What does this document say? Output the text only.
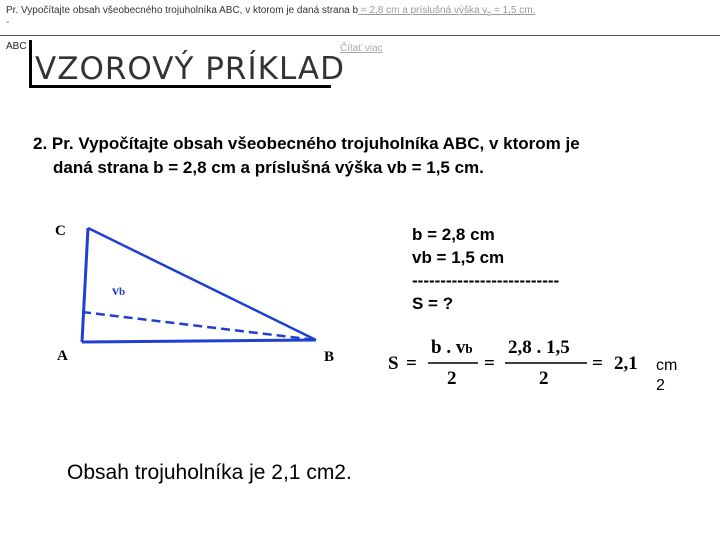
Pr. Vypočítajte obsah všeobecného trojuholníka ABC, v ktorom je daná strana b = 2,8 cm a príslušná výška $v_b = 1,5$ cm.
-
ABC	Čítať viac
VZOROVÝ PRÍKLAD
2. Pr. Vypočítajte obsah všeobecného trojuholníka ABC, v ktorom je
daná strana b = 2,8 cm a príslušná výška vb = 1,5 cm.
C
A	B
vb
S =
b . vb
2
=
2,8 . 1,5
2
= 2,1 cm
2
b = 2,8 cm
vb = 1,5 cm
--------------------------
S = ?
Obsah trojuholníka je 2,1 cm2.
